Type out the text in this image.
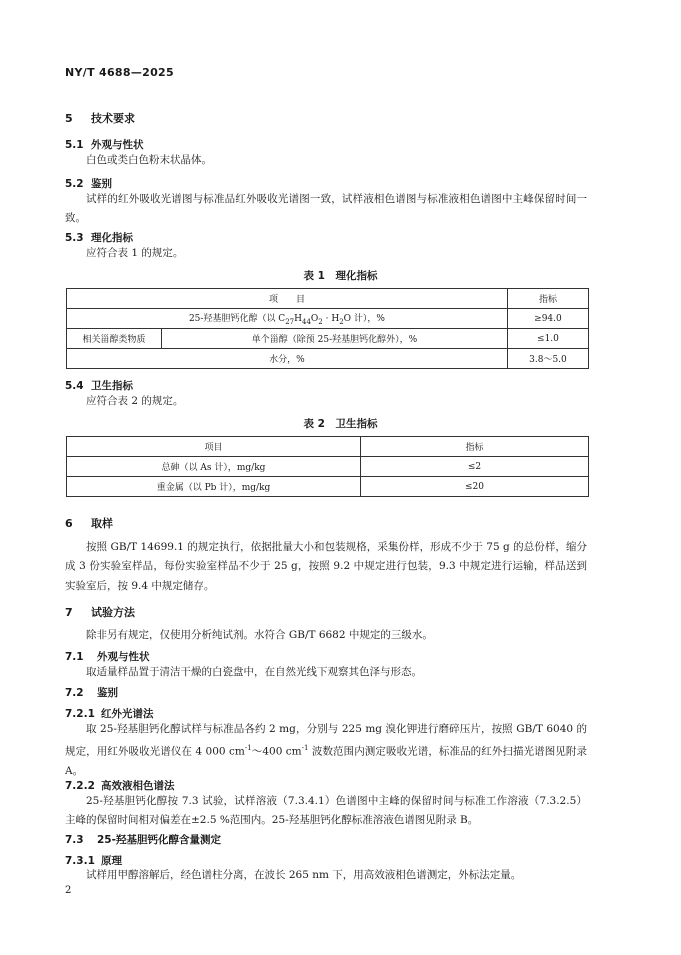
NY/T 4688—2025
5 技术要求
5.1 外观与性状
白色或类白色粉末状晶体。
5.2 鉴别
试样的红外吸收光谱图与标准品红外吸收光谱图一致，试样液相色谱图与标准液相色谱图中主峰保留时间一致。
5.3 理化指标
应符合表 1 的规定。
表 1　理化指标
项　　目		指标
25-羟基胆钙化醇（以 $C_{27}H_{44}O_2 \cdot H_2O$ 计），%		≥94.0
相关甾醇类物质	单个甾醇（除预 25-羟基胆钙化醇外），%	≤1.0
水分，%		3.8～5.0
5.4 卫生指标
应符合表 2 的规定。
表 2　卫生指标
项目	指标
总砷（以 As 计），mg/kg	≤2
重金属（以 Pb 计），mg/kg	≤20
6 取样
按照 GB/T 14699.1 的规定执行，依据批量大小和包装规格，采集份样，形成不少于 75 g 的总份样，缩分成 3 份实验室样品，每份实验室样品不少于 25 g，按照 9.2 中规定进行包装，9.3 中规定进行运输，样品送到实验室后，按 9.4 中规定储存。
7 试验方法
除非另有规定，仅使用分析纯试剂。水符合 GB/T 6682 中规定的三级水。
7.1 外观与性状
取适量样品置于清洁干燥的白瓷盘中，在自然光线下观察其色泽与形态。
7.2 鉴别
7.2.1 红外光谱法
取 25-羟基胆钙化醇试样与标准品各约 2 mg，分别与 225 mg 溴化钾进行磨碎压片，按照 GB/T 6040 的规定，用红外吸收光谱仪在 4 000 $cm^{-1}\sim 400$ $cm^{-1}$ 波数范围内测定吸收光谱，标准品的红外扫描光谱图见附录 A。
7.2.2 高效液相色谱法
25-羟基胆钙化醇按 7.3 试验，试样溶液（7.3.4.1）色谱图中主峰的保留时间与标准工作溶液（7.3.2.5）主峰的保留时间相对偏差在±2.5 %范围内。25-羟基胆钙化醇标准溶液色谱图见附录 B。
7.3 25-羟基胆钙化醇含量测定
7.3.1 原理
试样用甲醇溶解后，经色谱柱分离，在波长 265 nm 下，用高效液相色谱测定，外标法定量。
2
